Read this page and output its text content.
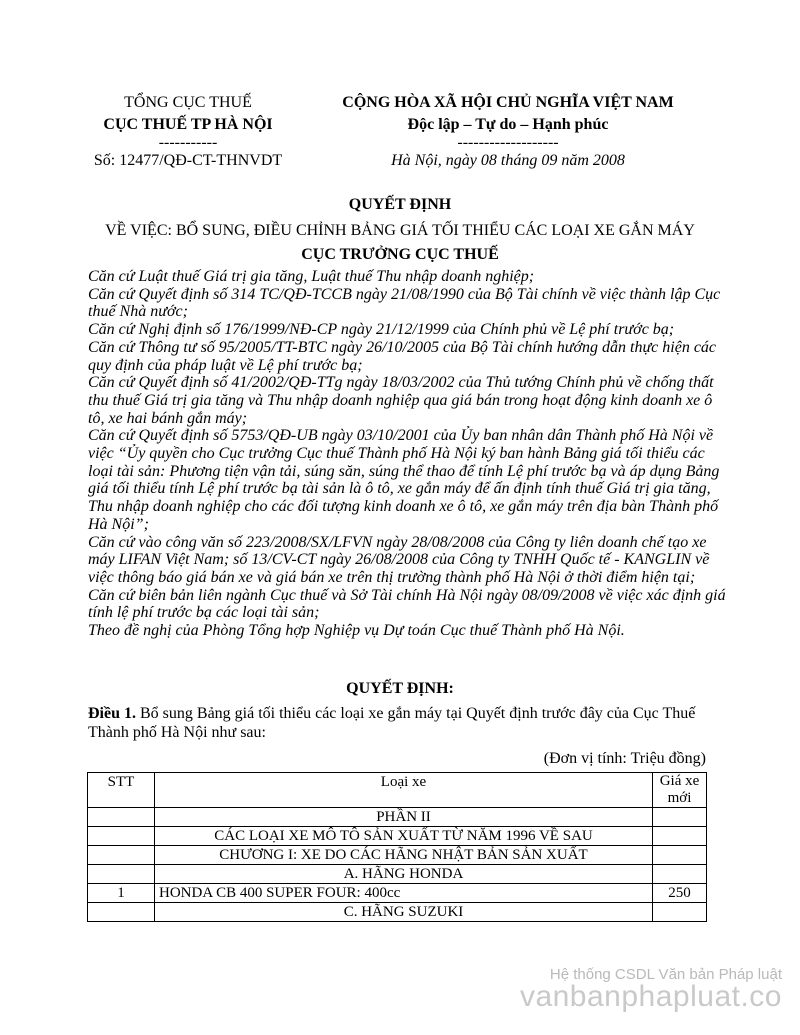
TỔNG CỤC THUẾ
CỤC THUẾ TP HÀ NỘI
-----------
Số: 12477/QĐ-CT-THNVDT
CỘNG HÒA XÃ HỘI CHỦ NGHĨA VIỆT NAM
Độc lập – Tự do – Hạnh phúc
-------------------
Hà Nội, ngày 08 tháng 09 năm 2008
QUYẾT ĐỊNH
VỀ VIỆC: BỔ SUNG, ĐIỀU CHỈNH BẢNG GIÁ TỐI THIỂU CÁC LOẠI XE GẮN MÁY
CỤC TRƯỞNG CỤC THUẾ

Căn cứ Luật thuế Giá trị gia tăng, Luật thuế Thu nhập doanh nghiệp;

Căn cứ Quyết định số 314 TC/QĐ-TCCB ngày 21/08/1990 của Bộ Tài chính về việc thành lập Cục thuế Nhà nước;

Căn cứ Nghị định số 176/1999/NĐ-CP ngày 21/12/1999 của Chính phủ về Lệ phí trước bạ;

Căn cứ Thông tư số 95/2005/TT-BTC ngày 26/10/2005 của Bộ Tài chính hướng dẫn thực hiện các quy định của pháp luật về Lệ phí trước bạ;

Căn cứ Quyết định số 41/2002/QĐ-TTg ngày 18/03/2002 của Thủ tướng Chính phủ về chống thất thu thuế Giá trị gia tăng và Thu nhập doanh nghiệp qua giá bán trong hoạt động kinh doanh xe ô tô, xe hai bánh gắn máy;

Căn cứ Quyết định số 5753/QĐ-UB ngày 03/10/2001 của Ủy ban nhân dân Thành phố Hà Nội về việc “Ủy quyền cho Cục trưởng Cục thuế Thành phố Hà Nội ký ban hành Bảng giá tối thiểu các loại tài sản: Phương tiện vận tải, súng săn, súng thể thao để tính Lệ phí trước bạ và áp dụng Bảng giá tối thiểu tính Lệ phí trước bạ tài sản là ô tô, xe gắn máy để ấn định tính thuế Giá trị gia tăng, Thu nhập doanh nghiệp cho các đối tượng kinh doanh xe ô tô, xe gắn máy trên địa bàn Thành phố Hà Nội”;

Căn cứ vào công văn số 223/2008/SX/LFVN ngày 28/08/2008 của Công ty liên doanh chế tạo xe máy LIFAN Việt Nam; số 13/CV-CT ngày 26/08/2008 của Công ty TNHH Quốc tế - KANGLIN về việc thông báo giá bán xe và giá bán xe trên thị trường thành phố Hà Nội ở thời điểm hiện tại;

Căn cứ biên bản liên ngành Cục thuế và Sở Tài chính Hà Nội ngày 08/09/2008 về việc xác định giá tính lệ phí trước bạ các loại tài sản;

Theo đề nghị của Phòng Tổng hợp Nghiệp vụ Dự toán Cục thuế Thành phố Hà Nội.

QUYẾT ĐỊNH:
Điều 1. Bổ sung Bảng giá tối thiểu các loại xe gắn máy tại Quyết định trước đây của Cục Thuế Thành phố Hà Nội như sau:
(Đơn vị tính: Triệu đồng)
STT	Loại xe	Giá xe mới
	PHẦN II	
	CÁC LOẠI XE MÔ TÔ SẢN XUẤT TỪ NĂM 1996 VỀ SAU	
	CHƯƠNG I: XE DO CÁC HÃNG NHẬT BẢN SẢN XUẤT	
	A. HÃNG HONDA	
1	HONDA CB 400 SUPER FOUR: 400cc	250
	C. HÃNG SUZUKI	
Hệ thống CSDL Văn bản Pháp luật
vanbanphapluat.co
